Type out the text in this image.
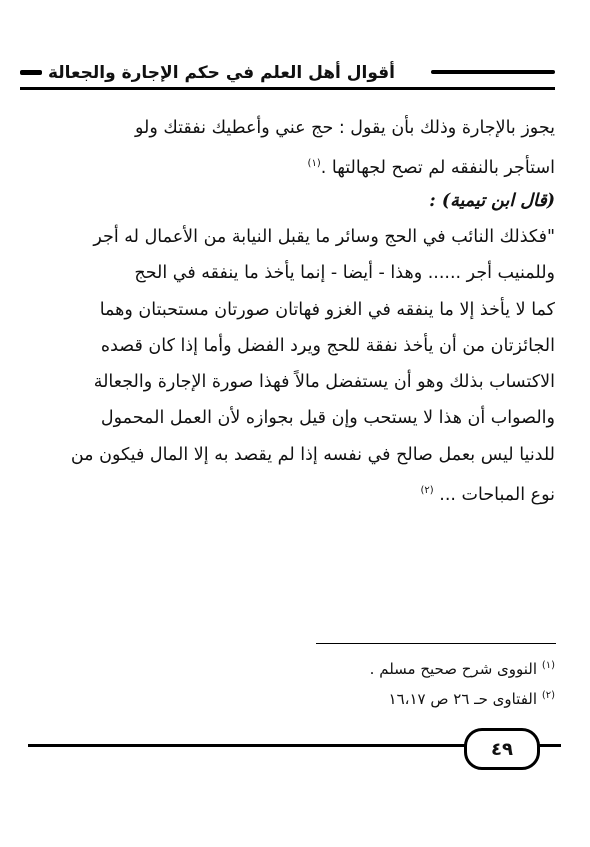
أقوال أهل العلم في حكم الإجارة والجعالة
يجوز بالإجارة وذلك بأن يقول : حج عني وأعطيك نفقتك ولو
استأجر بالنفقه لم تصح لجهالتها .$^{(١)}$
(قال ابن تيمية) :
"فكذلك النائب في الحج وسائر ما يقبل النيابة من الأعمال له أجر
وللمنيب أجر ...... وهذا - أيضا - إنما يأخذ ما ينفقه في الحج
كما لا يأخذ إلا ما ينفقه في الغزو فهاتان صورتان مستحبتان وهما
الجائزتان من أن يأخذ نفقة للحج ويرد الفضل وأما إذا كان قصده
الاكتساب بذلك وهو أن يستفضل مالاً فهذا صورة الإجارة والجعالة
والصواب أن هذا لا يستحب وإن قيل بجوازه لأن العمل المحمول
للدنيا ليس بعمل صالح في نفسه إذا لم يقصد به إلا المال فيكون من
نوع المباحات ... $^{(٢)}$
$^{(١)}$ النووى شرح صحيح مسلم .
$^{(٢)}$ الفتاوى حـ ٢٦ ص ١٦،١٧
٤٩
